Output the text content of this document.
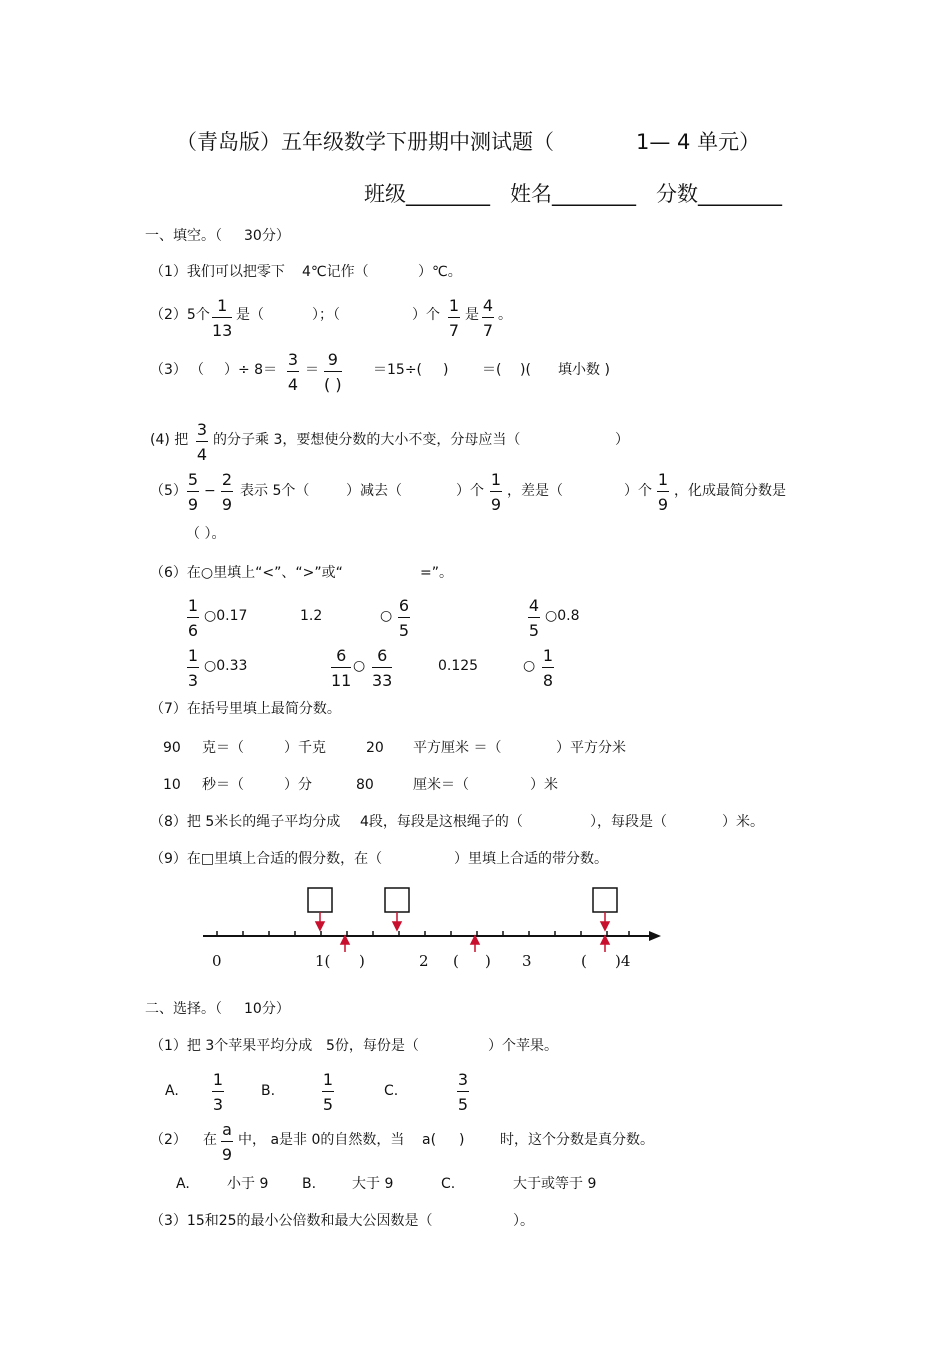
（青岛版）五年级数学下册期中测试题（	1— 4 单元）
班级________ 姓名________ 分数________
一、填空。（ 30分）
（1）我们可以把零下 4℃记作（	）℃。
（2）5个 1
13
是（	）；（	）个 1
7
是 4
7
。
（3） （ ）÷ 8＝
3
4
＝
9
( )
＝15÷( ) ＝( )( 填小数 )
(4) 把
3
4
的分子乘 3，要想使分数的大小不变，分母应当（	）
（5）
5
9
−
2
9
表示 5个（	）减去（	）个
1
9
，差是（	）个
1
9
，化成最简分数是
（ ）。
（6）在○里填上“<”、“>”或“	=”。
1
6
○0.17	1.2	○
6
5
4
5
○0.8
1
3
○0.33
6
11
○
6
33
0.125	○
1
8
（7）在括号里填上最简分数。
90 克＝（	）千克	20 平方厘米 ＝（	）平方分米
10 秒＝（	）分	80	厘米＝（	）米
（8）把 5米长的绳子平均分成 4段，每段是这根绳子的（	），每段是（	）米。
（9）在□里填上合适的假分数，在（	）里填上合适的带分数。
0	1( )	2 ( ) 3	( )4
二、选择。（ 10分）
（1）把 3个苹果平均分成 5份，每份是（	）个苹果。
A.
1
3
B.
1
5
C.
3
5
（2） 在
a
9
中， a是非 0的自然数，当 a( )	时，这个分数是真分数。
A.	小于 9 B.	大于 9	C.	大于或等于 9
（3）15和25的最小公倍数和最大公因数是（	）。
